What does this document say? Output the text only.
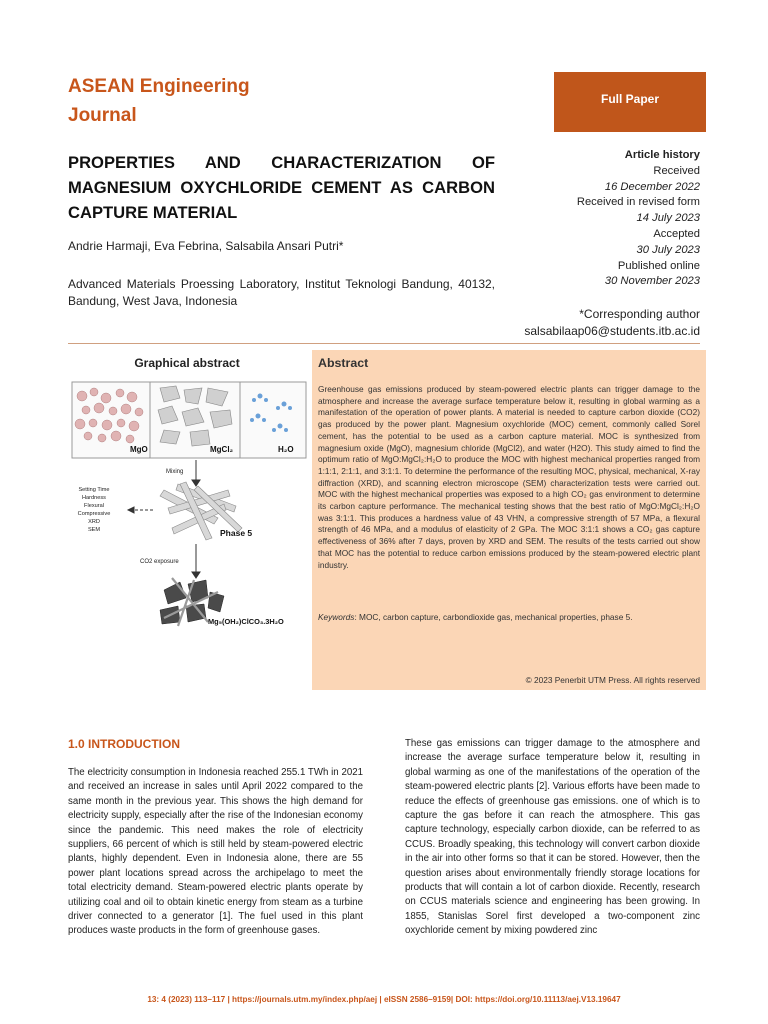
ASEAN Engineering
Journal
Full Paper
PROPERTIES AND CHARACTERIZATION OF MAGNESIUM OXYCHLORIDE CEMENT AS CARBON CAPTURE MATERIAL
Andrie Harmaji, Eva Febrina, Salsabila Ansari Putri*
Advanced Materials Proessing Laboratory, Institut Teknologi Bandung, 40132, Bandung, West Java, Indonesia
Article history
Received
16 December 2022
Received in revised form
14 July 2023
Accepted
30 July 2023
Published online
30 November 2023
*Corresponding author
salsabilaap06@students.itb.ac.id
Graphical abstract
MgO	MgCl₂	H₂O
Mixing
Setting Time
Hardness
Flexural
Compressive
XRD
SEM	Phase 5
CO2 exposure
Mg₅(OH₂)ClCO₃.3H₂O
Abstract
Greenhouse gas emissions produced by steam-powered electric plants can trigger damage to the atmosphere and increase the average surface temperature below it, resulting in global warming as a manifestation of the operation of power plants. A material is needed to capture carbon dioxide (CO2) gas produced by the power plant. Magnesium oxychloride (MOC) cement, commonly called Sorel cement, has the potential to be used as a carbon capture material. MOC is synthesized from magnesium oxide (MgO), magnesium chloride (MgCl2), and water (H2O). This study aimed to find the optimum ratio of MgO:MgCl₂:H₂O to produce the MOC with highest mechanical properties ranged from 1:1:1, 2:1:1, and 3:1:1. To determine the performance of the resulting MOC, physical, mechanical, X-ray diffraction (XRD), and scanning electron microscope (SEM) characterization tests were carried out. MOC with the highest mechanical properties was exposed to a high CO₂ gas environment to determine its carbon capture performance. The mechanical testing shows that the best ratio of MgO:MgCl₂:H₂O was 3:1:1. This produces a hardness value of 43 VHN, a compressive strength of 57 MPa, a flexural strength of 46 MPa, and a modulus of elasticity of 2 GPa. The MOC 3:1:1 shows a CO₂ gas capture effectiveness of 36% after 7 days, proven by XRD and SEM. The results of the tests carried out show that MOC has the potential to reduce carbon emissions produced by the steam-powered electric plant industry.
Keywords: MOC, carbon capture, carbondioxide gas, mechanical properties, phase 5.
© 2023 Penerbit UTM Press. All rights reserved
1.0 INTRODUCTION
The electricity consumption in Indonesia reached 255.1 TWh in 2021 and received an increase in sales until April 2022 compared to the same month in the previous year. This shows the high demand for electricity supply, especially after the rise of the Indonesian economy since the pandemic. This need makes the role of electricity suppliers, 66 percent of which is still held by steam-powered electric plants, highly dependent. Even in Indonesia alone, there are 55 power plant locations spread across the archipelago to meet the total electricity demand. Steam-powered electric plants operate by utilizing coal and oil to obtain kinetic energy from steam as a turbine driver connected to a generator [1]. The fuel used in this plant produces waste products in the form of greenhouse gases.
These gas emissions can trigger damage to the atmosphere and increase the average surface temperature below it, resulting in global warming as one of the manifestations of the operation of the steam-powered electric plants [2]. Various efforts have been made to reduce the effects of greenhouse gas emissions. one of which is to capture the gas before it can reach the atmosphere. This gas capture technology, especially carbon dioxide, can be referred to as CCUS. Broadly speaking, this technology will convert carbon dioxide in the air into other forms so that it can be stored. However, then the question arises about environmentally friendly storage locations for products that will contain a lot of carbon dioxide. Recently, research on CCUS materials science and engineering has been growing. In 1855, Stanislas Sorel first developed a two-component zinc oxychloride cement by mixing powdered zinc
13: 4 (2023) 113–117 | https://journals.utm.my/index.php/aej | eISSN 2586–9159| DOI: https://doi.org/10.11113/aej.V13.19647
